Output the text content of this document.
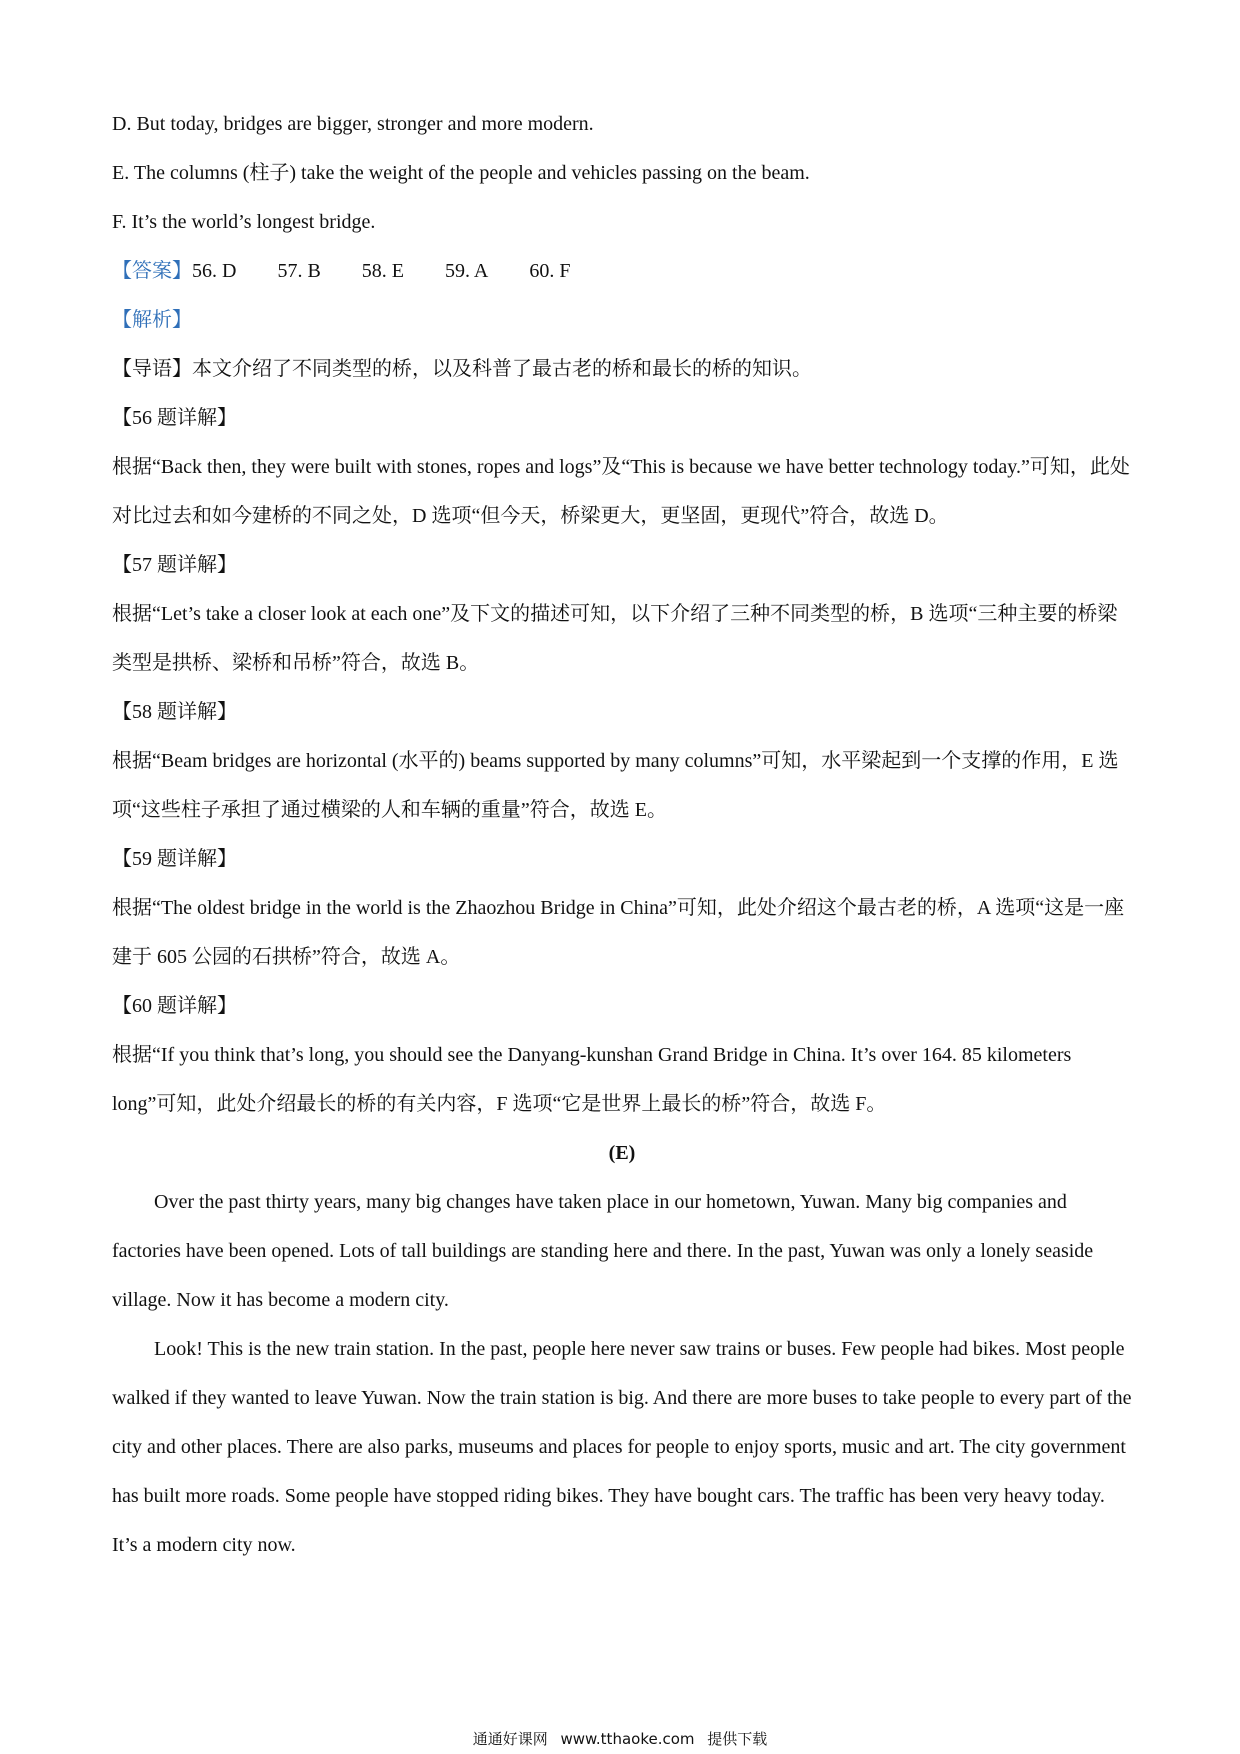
D. But today, bridges are bigger, stronger and more modern.
E. The columns (柱子) take the weight of the people and vehicles passing on the beam.
F. It’s the world’s longest bridge.
【答案】56. D 57. B 58. E 59. A 60. F
【解析】
【导语】本文介绍了不同类型的桥，以及科普了最古老的桥和最长的桥的知识。
【56 题详解】
根据“Back then, they were built with stones, ropes and logs”及“This is because we have better technology today.”可知，此处对比过去和如今建桥的不同之处，D 选项“但今天，桥梁更大，更坚固，更现代”符合，故选 D。
【57 题详解】
根据“Let’s take a closer look at each one”及下文的描述可知，以下介绍了三种不同类型的桥，B 选项“三种主要的桥梁类型是拱桥、梁桥和吊桥”符合，故选 B。
【58 题详解】
根据“Beam bridges are horizontal (水平的) beams supported by many columns”可知，水平梁起到一个支撑的作用，E 选项“这些柱子承担了通过横梁的人和车辆的重量”符合，故选 E。
【59 题详解】
根据“The oldest bridge in the world is the Zhaozhou Bridge in China”可知，此处介绍这个最古老的桥，A 选项“这是一座建于 605 公园的石拱桥”符合，故选 A。
【60 题详解】
根据“If you think that’s long, you should see the Danyang-kunshan Grand Bridge in China. It’s over 164. 85 kilometers long”可知，此处介绍最长的桥的有关内容，F 选项“它是世界上最长的桥”符合，故选 F。
(E)
Over the past thirty years, many big changes have taken place in our hometown, Yuwan. Many big companies and factories have been opened. Lots of tall buildings are standing here and there. In the past, Yuwan was only a lonely seaside village. Now it has become a modern city.
Look! This is the new train station. In the past, people here never saw trains or buses. Few people had bikes. Most people walked if they wanted to leave Yuwan. Now the train station is big. And there are more buses to take people to every part of the city and other places. There are also parks, museums and places for people to enjoy sports, music and art. The city government has built more roads. Some people have stopped riding bikes. They have bought cars. The traffic has been very heavy today. It’s a modern city now.
通通好课网 www.tthaoke.com 提供下载
